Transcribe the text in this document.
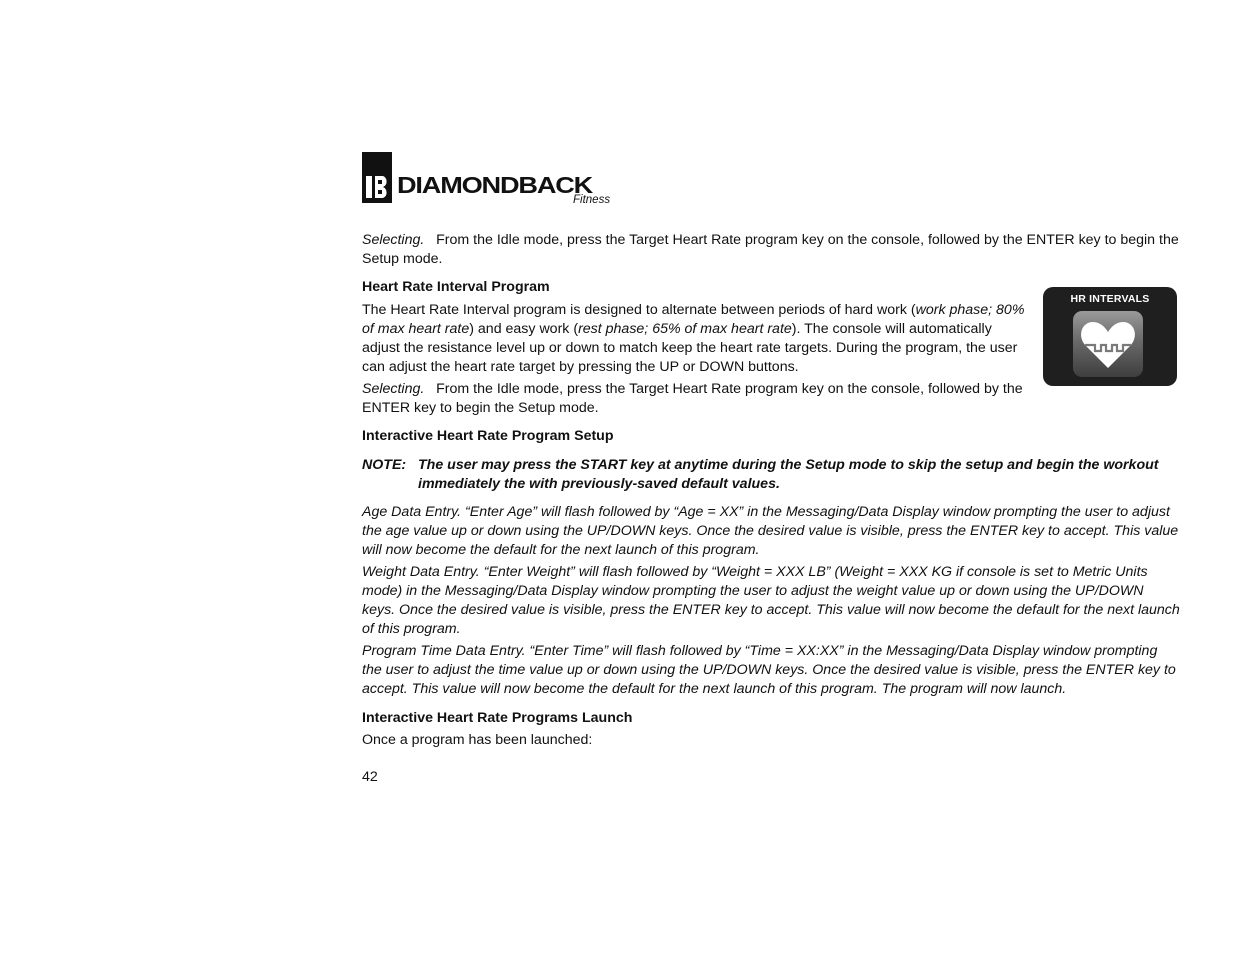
DIAMONDBACK
Fitness

Selecting. From the Idle mode, press the Target Heart Rate program key on the console, followed by the ENTER key to begin the Setup mode.

Heart Rate Interval Program

The Heart Rate Interval program is designed to alternate between periods of hard work (work phase; 80% of max heart rate) and easy work (rest phase; 65% of max heart rate). The console will automatically adjust the resistance level up or down to match keep the heart rate targets. During the program, the user can adjust the heart rate target by pressing the UP or DOWN buttons.

Selecting. From the Idle mode, press the Target Heart Rate program key on the console, followed by the ENTER key to begin the Setup mode.

HR INTERVALS

Interactive Heart Rate Program Setup

NOTE: The user may press the START key at anytime during the Setup mode to skip the setup and begin the workout immediately the with previously-saved default values.

Age Data Entry. “Enter Age” will flash followed by “Age = XX” in the Messaging/Data Display window prompting the user to adjust the age value up or down using the UP/DOWN keys. Once the desired value is visible, press the ENTER key to accept. This value will now become the default for the next launch of this program.

Weight Data Entry. “Enter Weight” will flash followed by “Weight = XXX LB” (Weight = XXX KG if console is set to Metric Units mode) in the Messaging/Data Display window prompting the user to adjust the weight value up or down using the UP/DOWN keys. Once the desired value is visible, press the ENTER key to accept. This value will now become the default for the next launch of this program.

Program Time Data Entry. “Enter Time” will flash followed by “Time = XX:XX” in the Messaging/Data Display window prompting the user to adjust the time value up or down using the UP/DOWN keys. Once the desired value is visible, press the ENTER key to accept. This value will now become the default for the next launch of this program. The program will now launch.

Interactive Heart Rate Programs Launch

Once a program has been launched:

42
